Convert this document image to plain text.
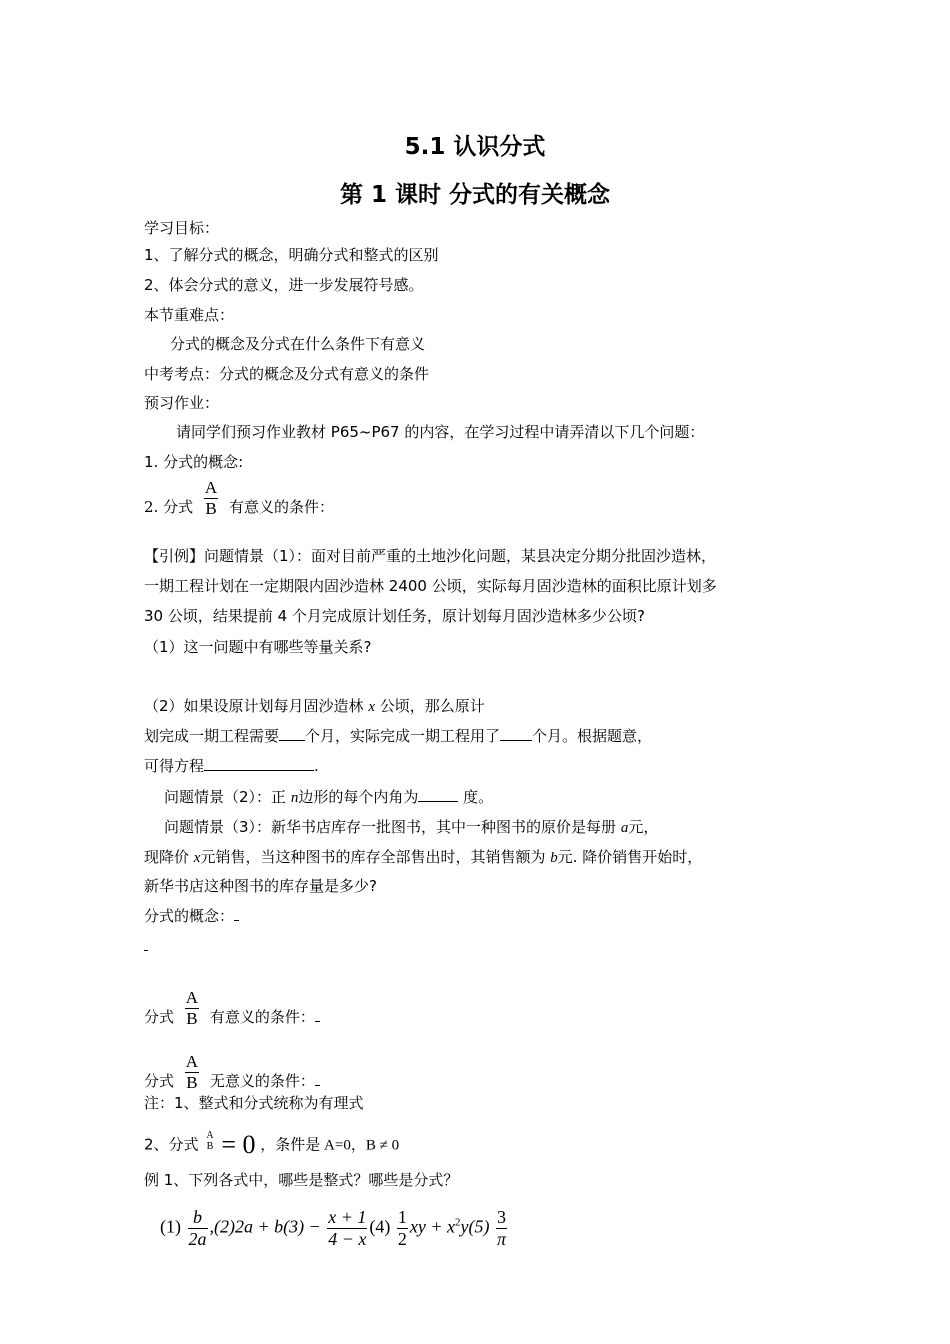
5.1 认识分式
第 1 课时 分式的有关概念
学习目标：
1、了解分式的概念，明确分式和整式的区别
2、体会分式的意义，进一步发展符号感。
本节重难点：
分式的概念及分式在什么条件下有意义
中考考点：分式的概念及分式有意义的条件
预习作业：
请同学们预习作业教材 P65~P67 的内容，在学习过程中请弄清以下几个问题：
1. 分式的概念:
2. 分式 $\frac{A}{B}$ 有意义的条件：
【引例】问题情景（1）：面对目前严重的土地沙化问题，某县决定分期分批固沙造林，
一期工程计划在一定期限内固沙造林 2400 公顷，实际每月固沙造林的面积比原计划多
30 公顷，结果提前 4 个月完成原计划任务，原计划每月固沙造林多少公顷?
（1）这一问题中有哪些等量关系?
（2）如果设原计划每月固沙造林 x 公顷，那么原计
划完成一期工程需要 个月，实际完成一期工程用了 个月。根据题意，
可得方程	.
问题情景（2）：正 n边形的每个内角为	度。
问题情景（3）：新华书店库存一批图书，其中一种图书的原价是每册 a元，
现降价 x元销售，当这种图书的库存全部售出时，其销售额为 b元. 降价销售开始时，
新华书店这种图书的库存量是多少?
分式的概念：
分式 $\frac{A}{B}$ 有意义的条件：
分式 $\frac{A}{B}$ 无意义的条件：
注：1、整式和分式统称为有理式
2、分式 A
B = 0 ，条件是 A=0，B ≠ 0
例 1、下列各式中，哪些是整式？哪些是分式？
$(1) \frac{b}{2a} ,(2)2a + b(3) - \frac{x + 1}{4 - x} (4) \frac{1}{2}$ xy + $x^2y(5) \frac{3}{\pi}$
